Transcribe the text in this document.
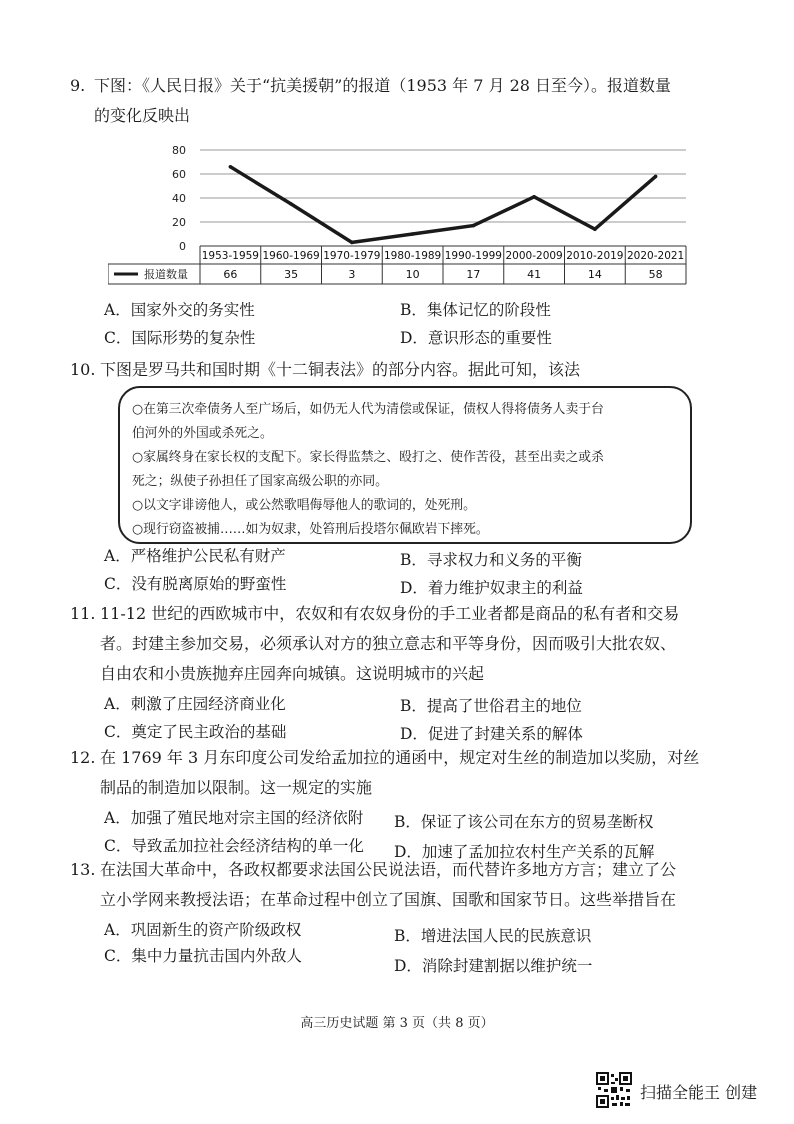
9. 下图：《人民日报》关于“抗美援朝”的报道（1953 年 7 月 28 日至今）。报道数量
的变化反映出
80
60
40
20
0
1953-1959 1960-1969 1970-1979 1980-1989 1990-1999 2000-2009 2010-2019 2020-2021
66	35	3	10	17	41	14	58
报道数量
A．国家外交的务实性	B．集体记忆的阶段性
C．国际形势的复杂性	D．意识形态的重要性
10. 下图是罗马共和国时期《十二铜表法》的部分内容。据此可知，该法

○在第三次牵债务人至广场后，如仍无人代为清偿或保证，债权人得将债务人卖于台

伯河外的外国或杀死之。

○家属终身在家长权的支配下。家长得监禁之、殴打之、使作苦役，甚至出卖之或杀

死之；纵使子孙担任了国家高级公职的亦同。

○以文字诽谤他人，或公然歌唱侮辱他人的歌词的，处死刑。

○现行窃盗被捕……如为奴隶，处笞刑后投塔尔佩欧岩下摔死。

A．严格维护公民私有财产	B．寻求权力和义务的平衡
C．没有脱离原始的野蛮性	D．着力维护奴隶主的利益
11. 11-12 世纪的西欧城市中，农奴和有农奴身份的手工业者都是商品的私有者和交易
者。封建主参加交易，必须承认对方的独立意志和平等身份，因而吸引大批农奴、
自由农和小贵族抛弃庄园奔向城镇。这说明城市的兴起
A．刺激了庄园经济商业化	B．提高了世俗君主的地位
C．奠定了民主政治的基础	D．促进了封建关系的解体
12. 在 1769 年 3 月东印度公司发给孟加拉的通函中，规定对生丝的制造加以奖励，对丝
制品的制造加以限制。这一规定的实施
A．加强了殖民地对宗主国的经济依附 B．保证了该公司在东方的贸易垄断权
C．导致孟加拉社会经济结构的单一化 D．加速了孟加拉农村生产关系的瓦解
13. 在法国大革命中，各政权都要求法国公民说法语，而代替许多地方方言；建立了公
立小学网来教授法语；在革命过程中创立了国旗、国歌和国家节日。这些举措旨在
A．巩固新生的资产阶级政权	B．增进法国人民的民族意识
C．集中力量抗击国内外敌人
D．消除封建割据以维护统一
高三历史试题 第 3 页（共 8 页）
扫描全能王 创建
